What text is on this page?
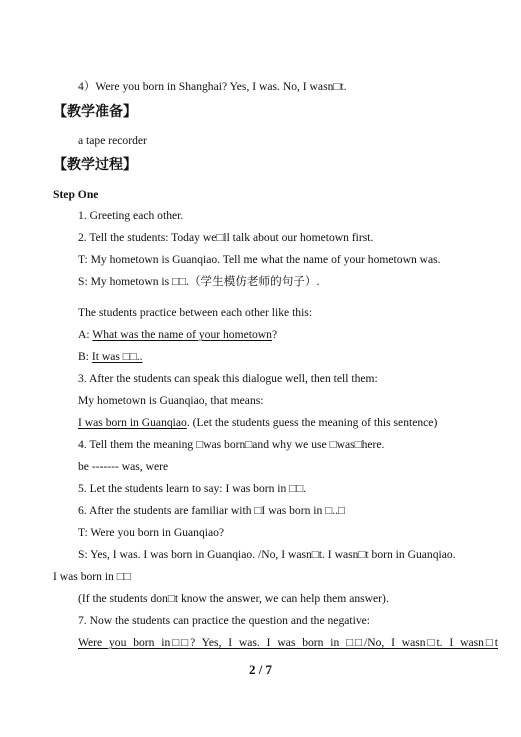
4）Were you born in Shanghai? Yes, I was. No, I wasn□t.
【教学准备】
a tape recorder
【教学过程】
Step One
1. Greeting each other.
2. Tell the students: Today we□ll talk about our hometown first.
T: My hometown is Guanqiao. Tell me what the name of your hometown was.
S: My hometown is □□.（学生模仿老师的句子）.
The students practice between each other like this:
A: What was the name of your hometown?
B: It was □□..
3. After the students can speak this dialogue well, then tell them:
My hometown is Guanqiao, that means:
I was born in Guanqiao. (Let the students guess the meaning of this sentence)
4. Tell them the meaning □was born□and why we use □was□here.
be ------- was, were
5. Let the students learn to say: I was born in □□.
6. After the students are familiar with □I was born in □..□
T: Were you born in Guanqiao?
S: Yes, I was. I was born in Guanqiao. /No, I wasn□t. I wasn□t born in Guanqiao.
I was born in □□
(If the students don□t know the answer, we can help them answer).
7. Now the students can practice the question and the negative:
Were you born in□□? Yes, I was. I was born in □□/No, I wasn□t. I wasn□t
2 / 7
